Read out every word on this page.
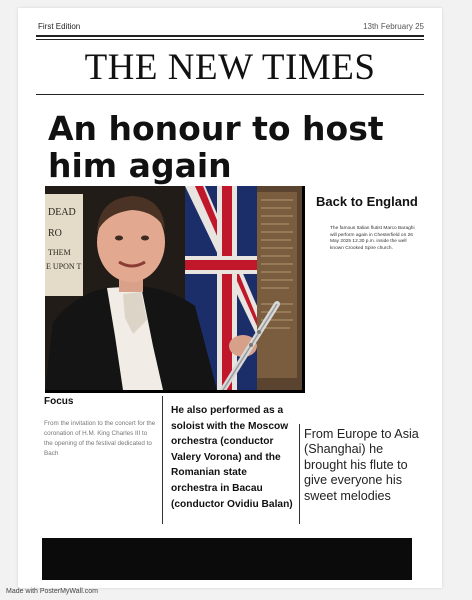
First Edition	13th February 25
THE NEW TIMES
An honour to host him again
DEAD
RO
THEM
E UPON T
Back to England
The famous Italian flutist Marco Baraghi will perform again in Chesterfield on 26 May 2025 12.30 p.m. inside the well known Crooked Spire church.
Focus
From the invitation to the concert for the coronation of H.M. King Charles III to the opening of the festival dedicated to Bach
He also performed as a soloist with the Moscow orchestra (conductor Valery Vorona) and the Romanian state orchestra in Bacau (conductor Ovidiu Balan)
From Europe to Asia (Shanghai) he brought his flute to give everyone his sweet melodies
Made with PosterMyWall.com
